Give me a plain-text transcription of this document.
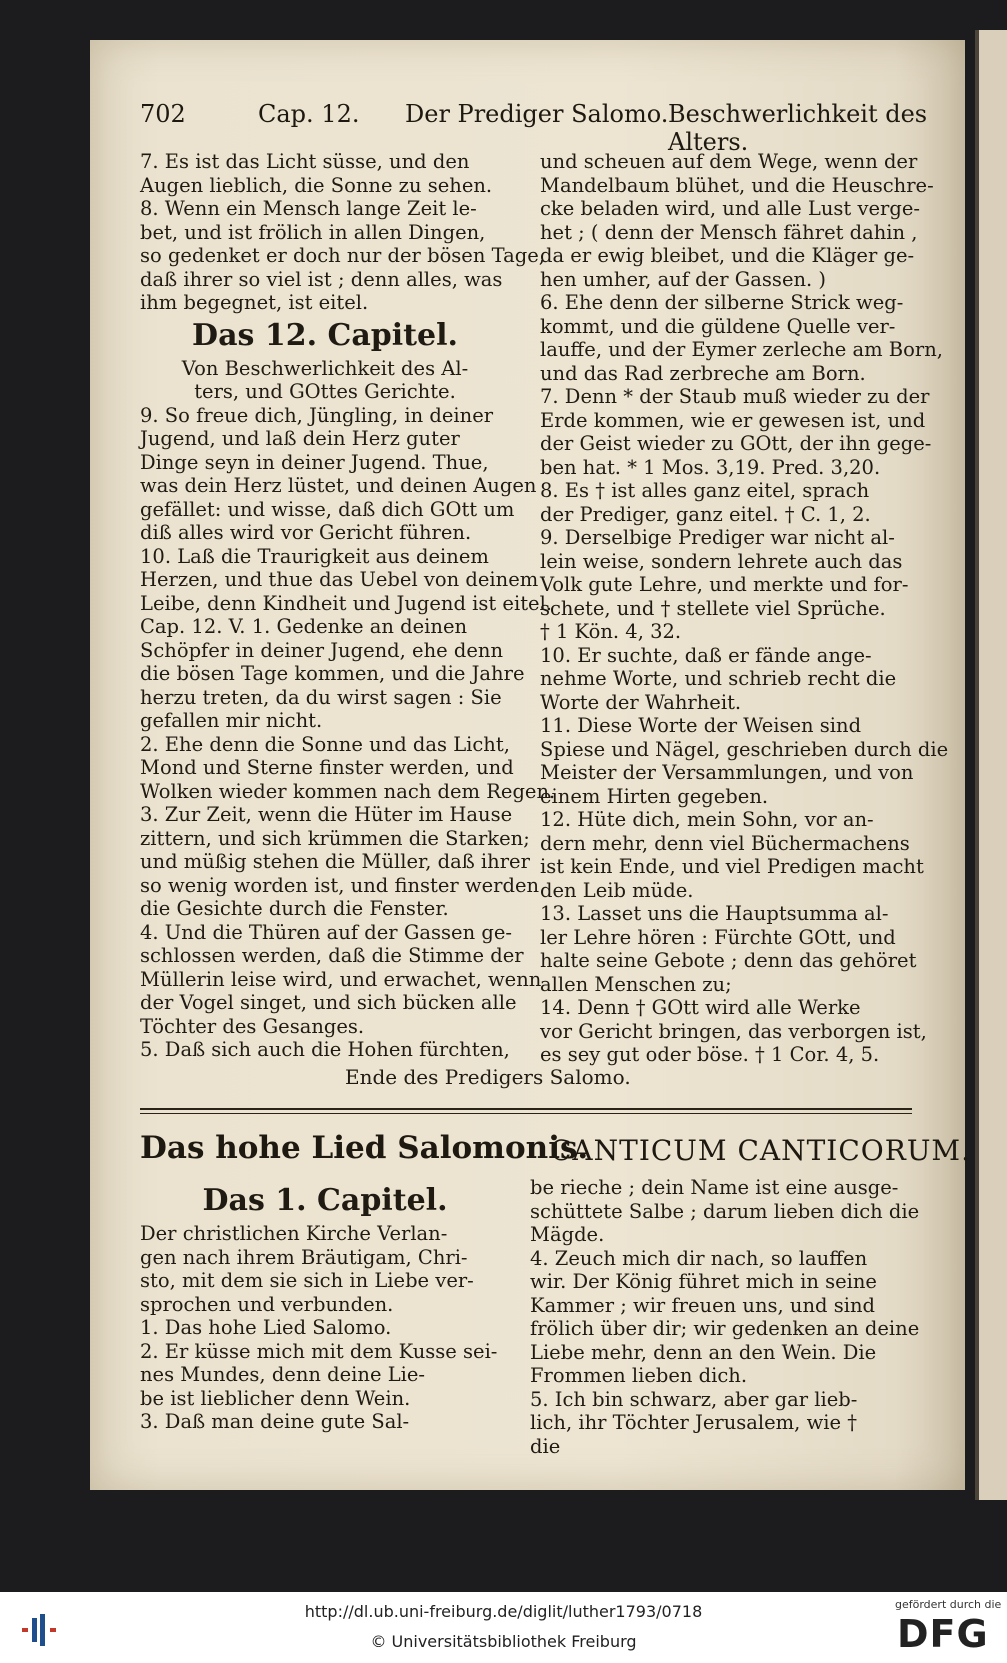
702	Cap. 12. Der Prediger Salomo. Beschwerlichkeit des Alters.

7. Es ist das Licht süsse, und den

Augen lieblich, die Sonne zu sehen.

8. Wenn ein Mensch lange Zeit le-

bet, und ist frölich in allen Dingen,

so gedenket er doch nur der bösen Tage,

daß ihrer so viel ist ; denn alles, was

ihm begegnet, ist eitel.

Das 12. Capitel.

Von Beschwerlichkeit des Al-

ters, und GOttes Gerichte.

9. So freue dich, Jüngling, in deiner

Jugend, und laß dein Herz guter

Dinge seyn in deiner Jugend. Thue,

was dein Herz lüstet, und deinen Augen

gefället: und wisse, daß dich GOtt um

diß alles wird vor Gericht führen.

10. Laß die Traurigkeit aus deinem

Herzen, und thue das Uebel von deinem

Leibe, denn Kindheit und Jugend ist eitel.

Cap. 12. V. 1. Gedenke an deinen

Schöpfer in deiner Jugend, ehe denn

die bösen Tage kommen, und die Jahre

herzu treten, da du wirst sagen : Sie

gefallen mir nicht.

2. Ehe denn die Sonne und das Licht,

Mond und Sterne finster werden, und

Wolken wieder kommen nach dem Regen.

3. Zur Zeit, wenn die Hüter im Hause

zittern, und sich krümmen die Starken;

und müßig stehen die Müller, daß ihrer

so wenig worden ist, und finster werden

die Gesichte durch die Fenster.

4. Und die Thüren auf der Gassen ge-

schlossen werden, daß die Stimme der

Müllerin leise wird, und erwachet, wenn

der Vogel singet, und sich bücken alle

Töchter des Gesanges.

5. Daß sich auch die Hohen fürchten,

und scheuen auf dem Wege, wenn der

Mandelbaum blühet, und die Heuschre-

cke beladen wird, und alle Lust verge-

het ; ( denn der Mensch fähret dahin ,

da er ewig bleibet, und die Kläger ge-

hen umher, auf der Gassen. )

6. Ehe denn der silberne Strick weg-

kommt, und die güldene Quelle ver-

lauffe, und der Eymer zerleche am Born,

und das Rad zerbreche am Born.

7. Denn * der Staub muß wieder zu der

Erde kommen, wie er gewesen ist, und

der Geist wieder zu GOtt, der ihn gege-

ben hat. * 1 Mos. 3,19. Pred. 3,20.

8. Es † ist alles ganz eitel, sprach

der Prediger, ganz eitel. † C. 1, 2.

9. Derselbige Prediger war nicht al-

lein weise, sondern lehrete auch das

Volk gute Lehre, und merkte und for-

schete, und † stellete viel Sprüche.

† 1 Kön. 4, 32.

10. Er suchte, daß er fände ange-

nehme Worte, und schrieb recht die

Worte der Wahrheit.

11. Diese Worte der Weisen sind

Spiese und Nägel, geschrieben durch die

Meister der Versammlungen, und von

einem Hirten gegeben.

12. Hüte dich, mein Sohn, vor an-

dern mehr, denn viel Büchermachens

ist kein Ende, und viel Predigen macht

den Leib müde.

13. Lasset uns die Hauptsumma al-

ler Lehre hören : Fürchte GOtt, und

halte seine Gebote ; denn das gehöret

allen Menschen zu;

14. Denn † GOtt wird alle Werke

vor Gericht bringen, das verborgen ist,

es sey gut oder böse. † 1 Cor. 4, 5.

Ende des Predigers Salomo.
Das hohe Lied Salomonis.
CANTICUM CANTICORUM.

Das 1. Capitel.

Der christlichen Kirche Verlan-

gen nach ihrem Bräutigam, Chri-

sto, mit dem sie sich in Liebe ver-

sprochen und verbunden.

1. Das hohe Lied Salomo.

2. Er küsse mich mit dem Kusse sei-

nes Mundes, denn deine Lie-

be ist lieblicher denn Wein.

3. Daß man deine gute Sal-

be rieche ; dein Name ist eine ausge-

schüttete Salbe ; darum lieben dich die

Mägde.

4. Zeuch mich dir nach, so lauffen

wir. Der König führet mich in seine

Kammer ; wir freuen uns, und sind

frölich über dir; wir gedenken an deine

Liebe mehr, denn an den Wein. Die

Frommen lieben dich.

5. Ich bin schwarz, aber gar lieb-

lich, ihr Töchter Jerusalem, wie †

die

http://dl.ub.uni-freiburg.de/diglit/luther1793/0718
© Universitätsbibliothek Freiburg
gefördert durch die
DFG
